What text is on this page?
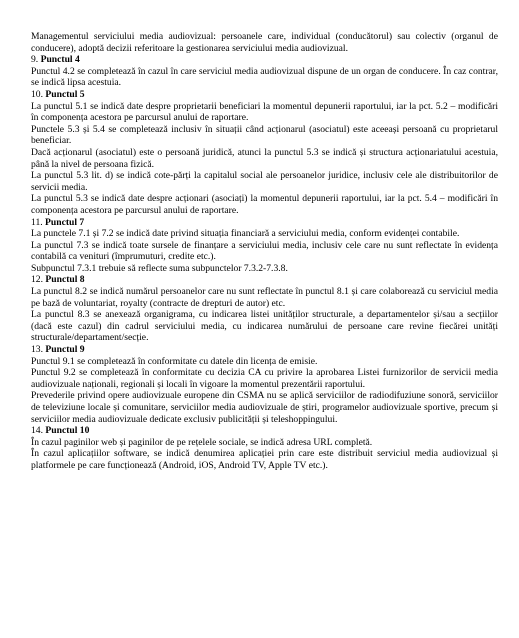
Managementul serviciului media audiovizual: persoanele care, individual (conducătorul) sau colectiv (organul de conducere), adoptă decizii referitoare la gestionarea serviciului media audiovizual.

9. Punctul 4

Punctul 4.2 se completează în cazul în care serviciul media audiovizual dispune de un organ de conducere. În caz contrar, se indică lipsa acestuia.

10. Punctul 5

La punctul 5.1 se indică date despre proprietarii beneficiari la momentul depunerii raportului, iar la pct. 5.2 – modificări în componența acestora pe parcursul anului de raportare.

Punctele 5.3 și 5.4 se completează inclusiv în situații când acționarul (asociatul) este aceeași persoană cu proprietarul beneficiar.

Dacă acționarul (asociatul) este o persoană juridică, atunci la punctul 5.3 se indică și structura acționariatului acestuia, până la nivel de persoana fizică.

La punctul 5.3 lit. d) se indică cote-părți la capitalul social ale persoanelor juridice, inclusiv cele ale distribuitorilor de servicii media.

La punctul 5.3 se indică date despre acționari (asociați) la momentul depunerii raportului, iar la pct. 5.4 – modificări în componența acestora pe parcursul anului de raportare.

11. Punctul 7

La punctele 7.1 și 7.2 se indică date privind situația financiară a serviciului media, conform evidenței contabile.

La punctul 7.3 se indică toate sursele de finanțare a serviciului media, inclusiv cele care nu sunt reflectate în evidența contabilă ca venituri (împrumuturi, credite etc.).

Subpunctul 7.3.1 trebuie să reflecte suma subpunctelor 7.3.2-7.3.8.

12. Punctul 8

La punctul 8.2 se indică numărul persoanelor care nu sunt reflectate în punctul 8.1 și care colaborează cu serviciul media pe bază de voluntariat, royalty (contracte de drepturi de autor) etc.

La punctul 8.3 se anexează organigrama, cu indicarea listei unităților structurale, a departamentelor și/sau a secțiilor (dacă este cazul) din cadrul serviciului media, cu indicarea numărului de persoane care revine fiecărei unități structurale/departament/secție.

13. Punctul 9

Punctul 9.1 se completează în conformitate cu datele din licența de emisie.

Punctul 9.2 se completează în conformitate cu decizia CA cu privire la aprobarea Listei furnizorilor de servicii media audiovizuale naționali, regionali și locali în vigoare la momentul prezentării raportului.

Prevederile privind opere audiovizuale europene din CSMA nu se aplică serviciilor de radiodifuziune sonoră, serviciilor de televiziune locale și comunitare, serviciilor media audiovizuale de știri, programelor audiovizuale sportive, precum și serviciilor media audiovizuale dedicate exclusiv publicității și teleshoppingului.

14. Punctul 10

În cazul paginilor web și paginilor de pe rețelele sociale, se indică adresa URL completă.

În cazul aplicațiilor software, se indică denumirea aplicației prin care este distribuit serviciul media audiovizual și platformele pe care funcționează (Android, iOS, Android TV, Apple TV etc.).
